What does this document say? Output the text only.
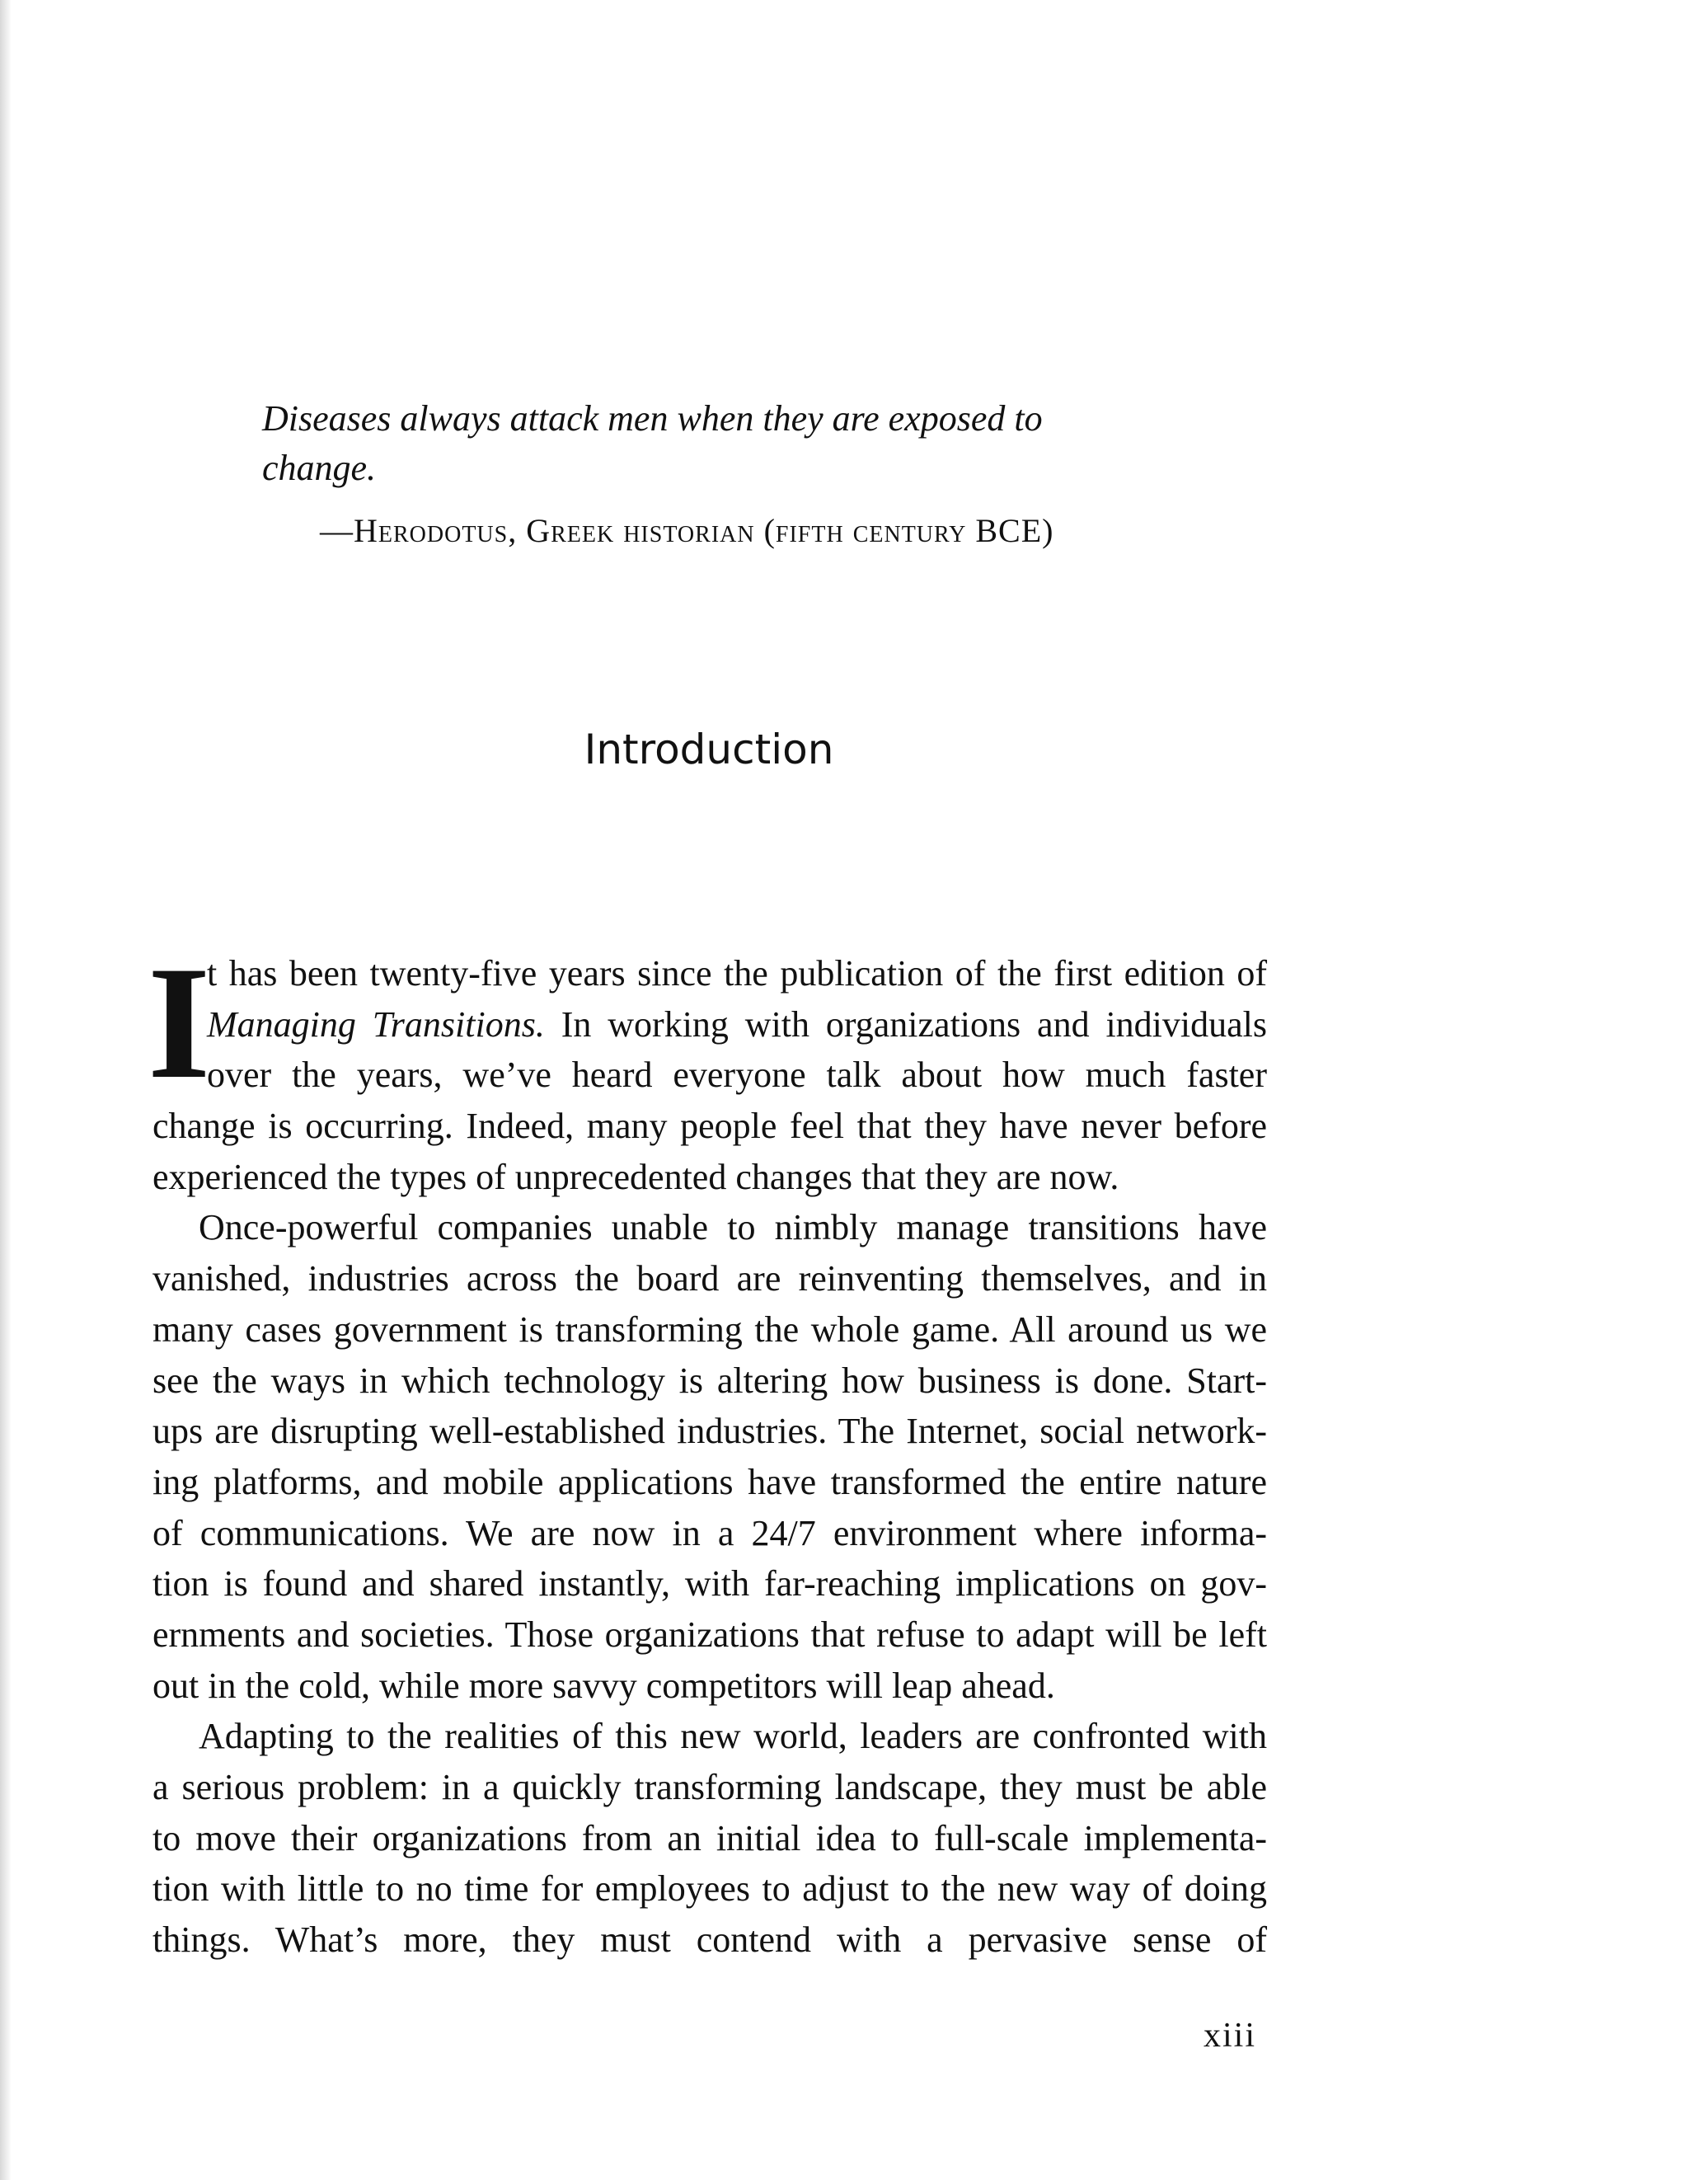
Diseases always attack men when they are exposed to
change.
—Herodotus, Greek historian (fifth century BCE)
Introduction
I
t has been twenty-five years since the publication of the first edition of
Managing Transitions. In working with organizations and individuals
over the years, we’ve heard everyone talk about how much faster
change is occurring. Indeed, many people feel that they have never before
experienced the types of unprecedented changes that they are now.
Once-powerful companies unable to nimbly manage transitions have
vanished, industries across the board are reinventing themselves, and in
many cases government is transforming the whole game. All around us we
see the ways in which technology is altering how business is done. Start-
ups are disrupting well-established industries. The Internet, social network-
ing platforms, and mobile applications have transformed the entire nature
of communications. We are now in a 24/7 environment where informa-
tion is found and shared instantly, with far-reaching implications on gov-
ernments and societies. Those organizations that refuse to adapt will be left
out in the cold, while more savvy competitors will leap ahead.
Adapting to the realities of this new world, leaders are confronted with
a serious problem: in a quickly transforming landscape, they must be able
to move their organizations from an initial idea to full-scale implementa-
tion with little to no time for employees to adjust to the new way of doing
things. What’s more, they must contend with a pervasive sense of
xiii
